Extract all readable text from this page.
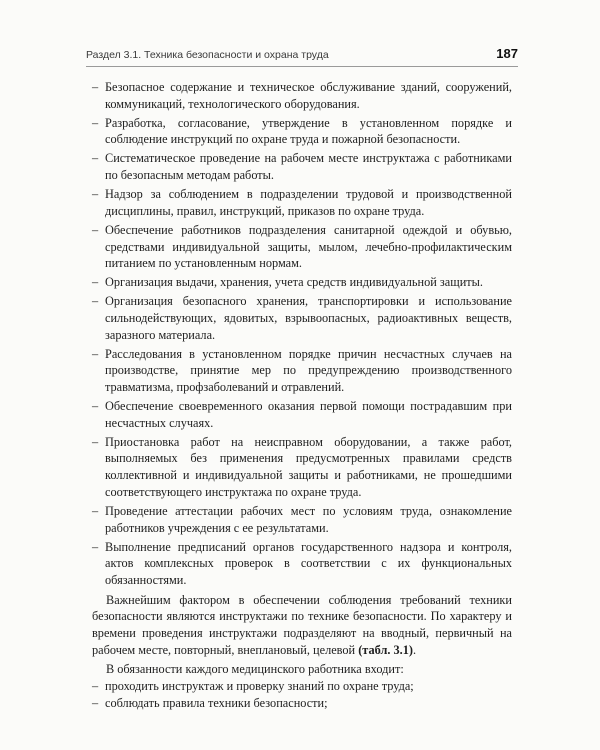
Раздел 3.1. Техника безопасности и охрана труда	187
– Безопасное содержание и техническое обслуживание зданий, сооружений, коммуникаций, технологического оборудования.
– Разработка, согласование, утверждение в установленном порядке и соблюдение инструкций по охране труда и пожарной безопасности.
– Систематическое проведение на рабочем месте инструктажа с работниками по безопасным методам работы.
– Надзор за соблюдением в подразделении трудовой и производственной дисциплины, правил, инструкций, приказов по охране труда.
– Обеспечение работников подразделения санитарной одеждой и обувью, средствами индивидуальной защиты, мылом, лечебно-профилактическим питанием по установленным нормам.
– Организация выдачи, хранения, учета средств индивидуальной защиты.
– Организация безопасного хранения, транспортировки и использование сильнодействующих, ядовитых, взрывоопасных, радиоактивных веществ, заразного материала.
– Расследования в установленном порядке причин несчастных случаев на производстве, принятие мер по предупреждению производственного травматизма, профзаболеваний и отравлений.
– Обеспечение своевременного оказания первой помощи пострадавшим при несчастных случаях.
– Приостановка работ на неисправном оборудовании, а также работ, выполняемых без применения предусмотренных правилами средств коллективной и индивидуальной защиты и работниками, не прошедшими соответствующего инструктажа по охране труда.
– Проведение аттестации рабочих мест по условиям труда, ознакомление работников учреждения с ее результатами.
– Выполнение предписаний органов государственного надзора и контроля, актов комплексных проверок в соответствии с их функциональных обязанностями.

Важнейшим фактором в обеспечении соблюдения требований техники безопасности являются инструктажи по технике безопасности. По характеру и времени проведения инструктажи подразделяют на вводный, первичный на рабочем месте, повторный, внеплановый, целевой (табл. 3.1).

В обязанности каждого медицинского работника входит:

– проходить инструктаж и проверку знаний по охране труда;
– соблюдать правила техники безопасности;
